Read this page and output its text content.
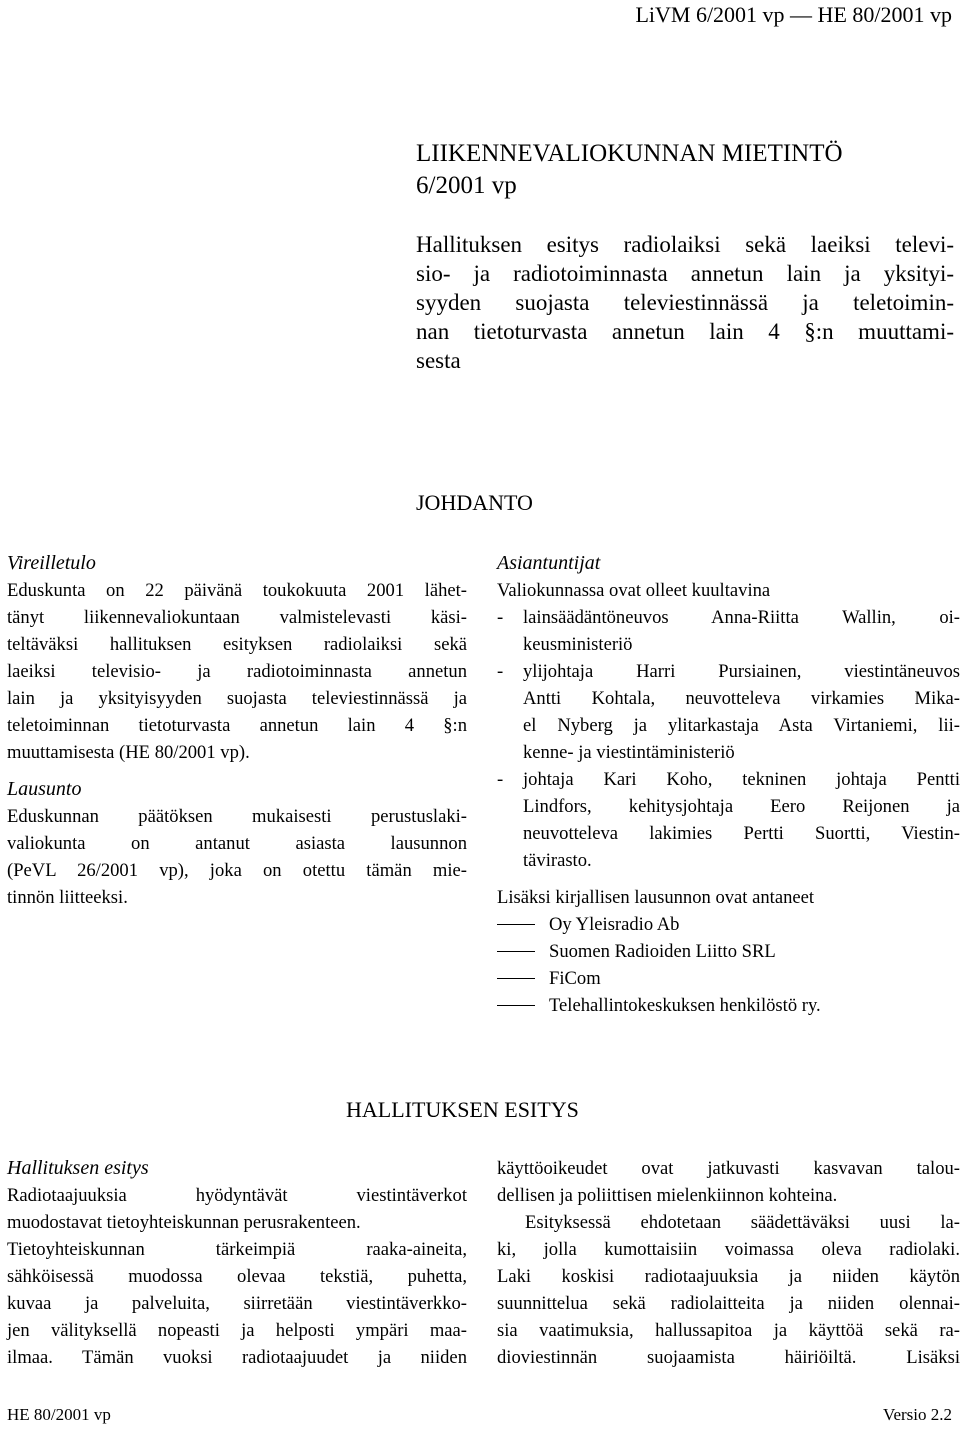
LiVM 6/2001 vp — HE 80/2001 vp
LIIKENNEVALIOKUNNAN MIETINTÖ
6/2001 vp
Hallituksen esitys radiolaiksi sekä laeiksi televi-
sio- ja radiotoiminnasta annetun lain ja yksityi-
syyden suojasta televiestinnässä ja teletoimin-
nan tietoturvasta annetun lain 4 §:n muuttami-
sesta
JOHDANTO
Vireilletulo
Eduskunta on 22 päivänä toukokuuta 2001 lähet-
tänyt liikennevaliokuntaan valmistelevasti käsi-
teltäväksi hallituksen esityksen radiolaiksi sekä
laeiksi televisio- ja radiotoiminnasta annetun
lain ja yksityisyyden suojasta televiestinnässä ja
teletoiminnan tietoturvasta annetun lain 4 §:n
muuttamisesta (HE 80/2001 vp).
Lausunto
Eduskunnan päätöksen mukaisesti perustuslaki-
valiokunta on antanut asiasta lausunnon
(PeVL 26/2001 vp), joka on otettu tämän mie-
tinnön liitteeksi.
Asiantuntijat
Valiokunnassa ovat olleet kuultavina
- lainsäädäntöneuvos Anna-Riitta Wallin, oi-
keusministeriö
- ylijohtaja Harri Pursiainen, viestintäneuvos
Antti Kohtala, neuvotteleva virkamies Mika-
el Nyberg ja ylitarkastaja Asta Virtaniemi, lii-
kenne- ja viestintäministeriö
- johtaja Kari Koho, tekninen johtaja Pentti
Lindfors, kehitysjohtaja Eero Reijonen ja
neuvotteleva lakimies Pertti Suortti, Viestin-
tävirasto.
Lisäksi kirjallisen lausunnon ovat antaneet
Oy Yleisradio Ab
Suomen Radioiden Liitto SRL
FiCom
Telehallintokeskuksen henkilöstö ry.
HALLITUKSEN ESITYS
Hallituksen esitys
Radiotaajuuksia hyödyntävät viestintäverkot
muodostavat tietoyhteiskunnan perusrakenteen.
Tietoyhteiskunnan tärkeimpiä raaka-aineita,
sähköisessä muodossa olevaa tekstiä, puhetta,
kuvaa ja palveluita, siirretään viestintäverkko-
jen välityksellä nopeasti ja helposti ympäri maa-
ilmaa. Tämän vuoksi radiotaajuudet ja niiden
käyttöoikeudet ovat jatkuvasti kasvavan talou-
dellisen ja poliittisen mielenkiinnon kohteina.
Esityksessä ehdotetaan säädettäväksi uusi la-
ki, jolla kumottaisiin voimassa oleva radiolaki.
Laki koskisi radiotaajuuksia ja niiden käytön
suunnittelua sekä radiolaitteita ja niiden olennai-
sia vaatimuksia, hallussapitoa ja käyttöä sekä ra-
dioviestinnän suojaamista häiriöiltä. Lisäksi
HE 80/2001 vp	Versio 2.2
